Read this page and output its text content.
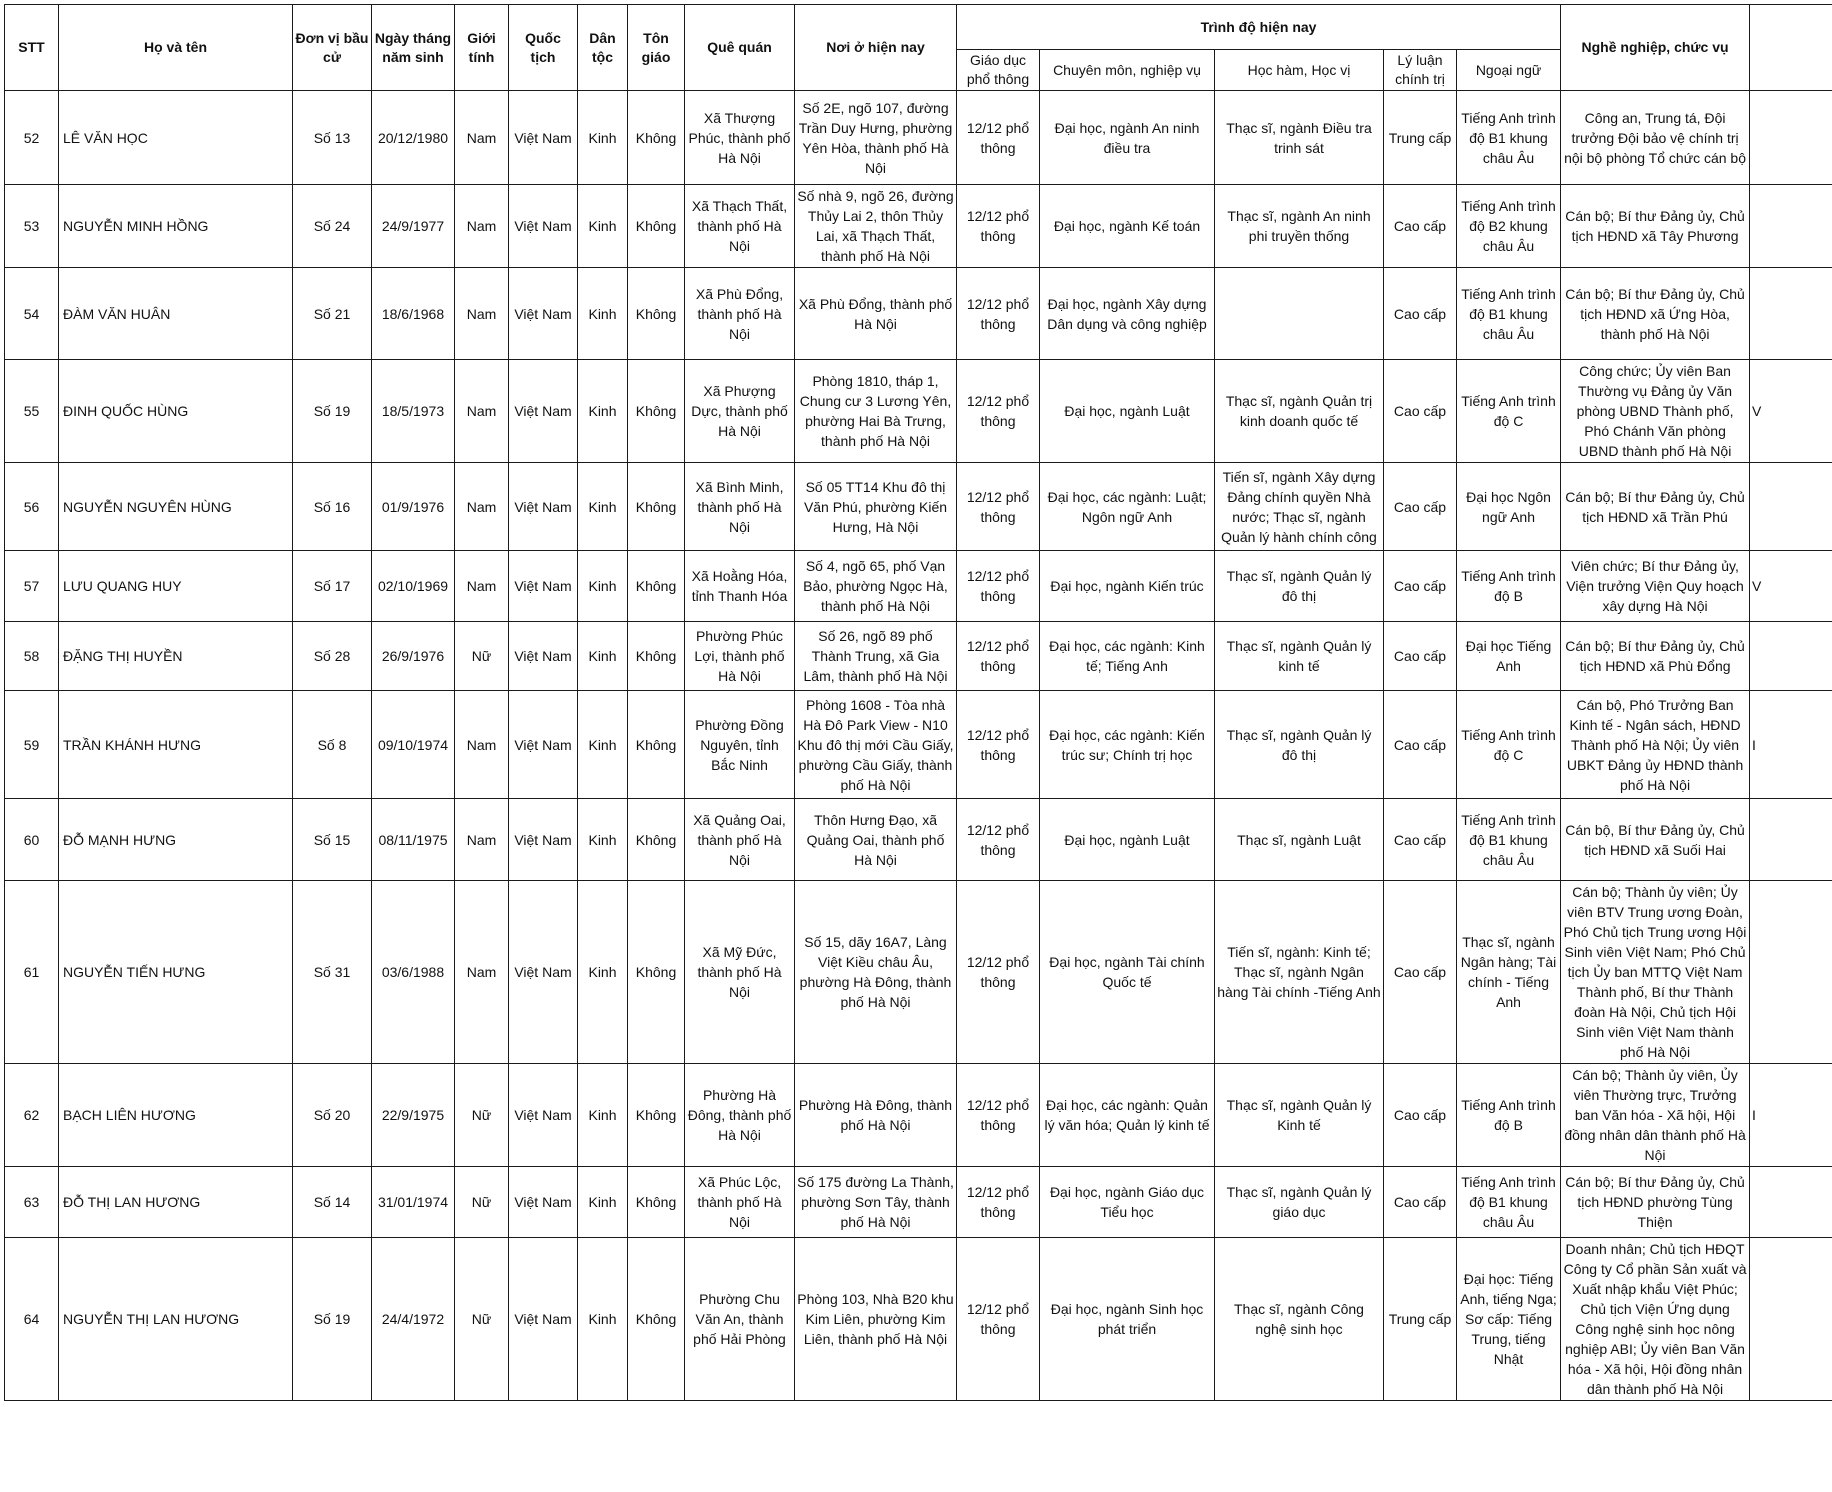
STT	Họ và tên	Đơn vị bầu cử	Ngày tháng năm sinh	Giới tính	Quốc tịch	Dân tộc	Tôn giáo	Quê quán	Nơi ở hiện nay	Trình độ hiện nay					Nghề nghiệp, chức vụ	
										Giáo dục phổ thông	Chuyên môn, nghiệp vụ	Học hàm, Học vị	Lý luận chính trị	Ngoại ngữ		
52	LÊ VĂN HỌC	Số 13	20/12/1980	Nam	Việt Nam	Kinh	Không	Xã Thượng Phúc, thành phố Hà Nội	Số 2E, ngõ 107, đường Trần Duy Hưng, phường Yên Hòa, thành phố Hà Nội	12/12 phổ thông	Đại học, ngành An ninh điều tra	Thạc sĩ, ngành Điều tra trinh sát	Trung cấp	Tiếng Anh trình độ B1 khung châu Âu	Công an, Trung tá, Đội trưởng Đội bảo vệ chính trị nội bộ phòng Tổ chức cán bộ	
53	NGUYỄN MINH HỒNG	Số 24	24/9/1977	Nam	Việt Nam	Kinh	Không	Xã Thạch Thất, thành phố Hà Nội	Số nhà 9, ngõ 26, đường Thủy Lai 2, thôn Thủy Lai, xã Thạch Thất, thành phố Hà Nội	12/12 phổ thông	Đại học, ngành Kế toán	Thạc sĩ, ngành An ninh phi truyền thống	Cao cấp	Tiếng Anh trình độ B2 khung châu Âu	Cán bộ; Bí thư Đảng ủy, Chủ tịch HĐND xã Tây Phương	
54	ĐÀM VĂN HUÂN	Số 21	18/6/1968	Nam	Việt Nam	Kinh	Không	Xã Phù Đổng, thành phố Hà Nội	Xã Phù Đổng, thành phố Hà Nội	12/12 phổ thông	Đại học, ngành Xây dựng Dân dụng và công nghiệp		Cao cấp	Tiếng Anh trình độ B1 khung châu Âu	Cán bộ; Bí thư Đảng ủy, Chủ tịch HĐND xã Ứng Hòa, thành phố Hà Nội	
55	ĐINH QUỐC HÙNG	Số 19	18/5/1973	Nam	Việt Nam	Kinh	Không	Xã Phượng Dực, thành phố Hà Nội	Phòng 1810, tháp 1, Chung cư 3 Lương Yên, phường Hai Bà Trưng, thành phố Hà Nội	12/12 phổ thông	Đại học, ngành Luật	Thạc sĩ, ngành Quản trị kinh doanh quốc tế	Cao cấp	Tiếng Anh trình độ C	Công chức; Ủy viên Ban Thường vụ Đảng ủy Văn phòng UBND Thành phố, Phó Chánh Văn phòng UBND thành phố Hà Nội	V
56	NGUYỄN NGUYÊN HÙNG	Số 16	01/9/1976	Nam	Việt Nam	Kinh	Không	Xã Bình Minh, thành phố Hà Nội	Số 05 TT14 Khu đô thị Văn Phú, phường Kiến Hưng, Hà Nội	12/12 phổ thông	Đại học, các ngành: Luật; Ngôn ngữ Anh	Tiến sĩ, ngành Xây dựng Đảng chính quyền Nhà nước; Thạc sĩ, ngành Quản lý hành chính công	Cao cấp	Đại học Ngôn ngữ Anh	Cán bộ; Bí thư Đảng ủy, Chủ tịch HĐND xã Trần Phú	
57	LƯU QUANG HUY	Số 17	02/10/1969	Nam	Việt Nam	Kinh	Không	Xã Hoằng Hóa, tỉnh Thanh Hóa	Số 4, ngõ 65, phố Vạn Bảo, phường Ngọc Hà, thành phố Hà Nội	12/12 phổ thông	Đại học, ngành Kiến trúc	Thạc sĩ, ngành Quản lý đô thị	Cao cấp	Tiếng Anh trình độ B	Viên chức; Bí thư Đảng ủy, Viện trưởng Viện Quy hoạch xây dựng Hà Nội	V
58	ĐẶNG THỊ HUYỀN	Số 28	26/9/1976	Nữ	Việt Nam	Kinh	Không	Phường Phúc Lợi, thành phố Hà Nội	Số 26, ngõ 89 phố Thành Trung, xã Gia Lâm, thành phố Hà Nội	12/12 phổ thông	Đại học, các ngành: Kinh tế; Tiếng Anh	Thạc sĩ, ngành Quản lý kinh tế	Cao cấp	Đại học Tiếng Anh	Cán bộ; Bí thư Đảng ủy, Chủ tịch HĐND xã Phù Đổng	
59	TRẦN KHÁNH HƯNG	Số 8	09/10/1974	Nam	Việt Nam	Kinh	Không	Phường Đồng Nguyên, tỉnh Bắc Ninh	Phòng 1608 - Tòa nhà Hà Đô Park View - N10 Khu đô thị mới Cầu Giấy, phường Cầu Giấy, thành phố Hà Nội	12/12 phổ thông	Đại học, các ngành: Kiến trúc sư; Chính trị học	Thạc sĩ, ngành Quản lý đô thị	Cao cấp	Tiếng Anh trình độ C	Cán bộ, Phó Trưởng Ban Kinh tế - Ngân sách, HĐND Thành phố Hà Nội; Ủy viên UBKT Đảng ủy HĐND thành phố Hà Nội	I
60	ĐỖ MẠNH HƯNG	Số 15	08/11/1975	Nam	Việt Nam	Kinh	Không	Xã Quảng Oai, thành phố Hà Nội	Thôn Hưng Đạo, xã Quảng Oai, thành phố Hà Nội	12/12 phổ thông	Đại học, ngành Luật	Thạc sĩ, ngành Luật	Cao cấp	Tiếng Anh trình độ B1 khung châu Âu	Cán bộ, Bí thư Đảng ủy, Chủ tịch HĐND xã Suối Hai	
61	NGUYỄN TIẾN HƯNG	Số 31	03/6/1988	Nam	Việt Nam	Kinh	Không	Xã Mỹ Đức, thành phố Hà Nội	Số 15, dãy 16A7, Làng Việt Kiều châu Âu, phường Hà Đông, thành phố Hà Nội	12/12 phổ thông	Đại học, ngành Tài chính Quốc tế	Tiến sĩ, ngành: Kinh tế; Thạc sĩ, ngành Ngân hàng Tài chính -Tiếng Anh	Cao cấp	Thạc sĩ, ngành Ngân hàng; Tài chính - Tiếng Anh	Cán bộ; Thành ủy viên; Ủy viên BTV Trung ương Đoàn, Phó Chủ tịch Trung ương Hội Sinh viên Việt Nam; Phó Chủ tịch Ủy ban MTTQ Việt Nam Thành phố, Bí thư Thành đoàn Hà Nội, Chủ tịch Hội Sinh viên Việt Nam thành phố Hà Nội	
62	BẠCH LIÊN HƯƠNG	Số 20	22/9/1975	Nữ	Việt Nam	Kinh	Không	Phường Hà Đông, thành phố Hà Nội	Phường Hà Đông, thành phố Hà Nội	12/12 phổ thông	Đại học, các ngành: Quản lý văn hóa; Quản lý kinh tế	Thạc sĩ, ngành Quản lý Kinh tế	Cao cấp	Tiếng Anh trình độ B	Cán bộ; Thành ủy viên, Ủy viên Thường trực, Trưởng ban Văn hóa - Xã hội, Hội đồng nhân dân thành phố Hà Nội	I
63	ĐỖ THỊ LAN HƯƠNG	Số 14	31/01/1974	Nữ	Việt Nam	Kinh	Không	Xã Phúc Lộc, thành phố Hà Nội	Số 175 đường La Thành, phường Sơn Tây, thành phố Hà Nội	12/12 phổ thông	Đại học, ngành Giáo dục Tiểu học	Thạc sĩ, ngành Quản lý giáo dục	Cao cấp	Tiếng Anh trình độ B1 khung châu Âu	Cán bộ; Bí thư Đảng ủy, Chủ tịch HĐND phường Tùng Thiện	
64	NGUYỄN THỊ LAN HƯƠNG	Số 19	24/4/1972	Nữ	Việt Nam	Kinh	Không	Phường Chu Văn An, thành phố Hải Phòng	Phòng 103, Nhà B20 khu Kim Liên, phường Kim Liên, thành phố Hà Nội	12/12 phổ thông	Đại học, ngành Sinh học phát triển	Thạc sĩ, ngành Công nghệ sinh học	Trung cấp	Đại học: Tiếng Anh, tiếng Nga; Sơ cấp: Tiếng Trung, tiếng Nhật	Doanh nhân; Chủ tịch HĐQT Công ty Cổ phần Sản xuất và Xuất nhập khẩu Việt Phúc; Chủ tịch Viện Ứng dụng Công nghệ sinh học nông nghiệp ABI; Ủy viên Ban Văn hóa - Xã hội, Hội đồng nhân dân thành phố Hà Nội	
